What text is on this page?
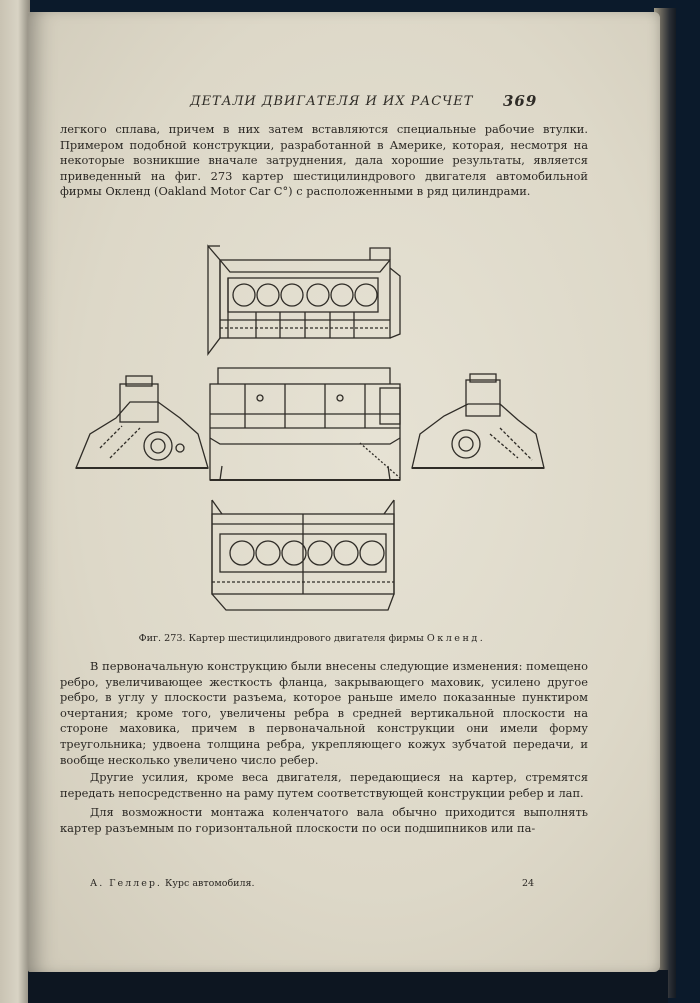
ДЕТАЛИ ДВИГАТЕЛЯ И ИХ РАСЧЕТ 369

легкого сплава, причем в них затем вставляются специальные рабочие втулки. Примером подобной конструкции, разработанной в Америке, которая, несмотря на некоторые возникшие вначале затруднения, дала хорошие результаты, является приведенный на фиг. 273 картер шестицилиндрового двигателя автомобильной фирмы Окленд (Oakland Motor Car C°) с расположенными в ряд цилиндрами.

Фиг. 273. Картер шестицилиндрового двигателя фирмы Окленд.

В первоначальную конструкцию были внесены следующие изменения: помещено ребро, увеличивающее жесткость фланца, закрывающего маховик, усилено другое ребро, в углу у плоскости разъема, которое раньше имело показанные пунктиром очертания; кроме того, увеличены ребра в средней вертикальной плоскости на стороне маховика, причем в первоначальной конструкции они имели форму треугольника; удвоена толщина ребра, укрепляющего кожух зубчатой передачи, и вообще несколько увеличено число ребер.

Другие усилия, кроме веса двигателя, передающиеся на картер, стремятся передать непосредственно на раму путем соответствующей конструкции ребер и лап.

Для возможности монтажа коленчатого вала обычно приходится выполнять картер разъемным по горизонтальной плоскости по оси подшипников или па-

А. Геллер. Курс автомобиля.	24
